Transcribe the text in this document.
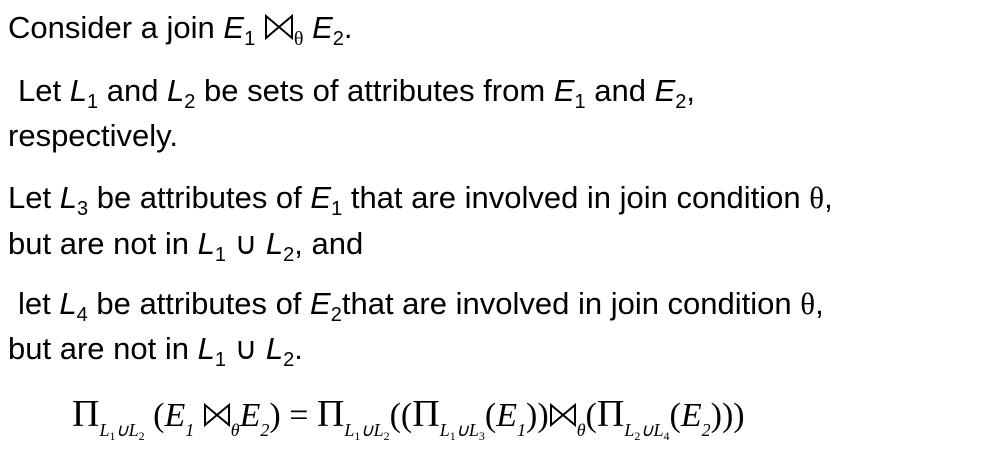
Consider a join $E_1$ $_\theta$ $E_2$.
Let $L_1$ and $L_2$ be sets of attributes from $E_1$ and $E_2$,
respectively.
Let $L_3$ be attributes of $E_1$ that are involved in join condition θ,
but are not in $L_1$ ∪ $L_2$, and
let $L_4$ be attributes of $E_2that$ are involved in join condition θ,
but are not in $L_1$ ∪ $L_2$.
$\Pi_{L_1\cup L_2}$ ($E_1$ $_\theta E_2) = \Pi_{L_1\cup L_2}((\Pi_{L_1\cup L_3}(E_1))$ $_\theta(\Pi_{L_2\cup L_4}(E_2))$)
